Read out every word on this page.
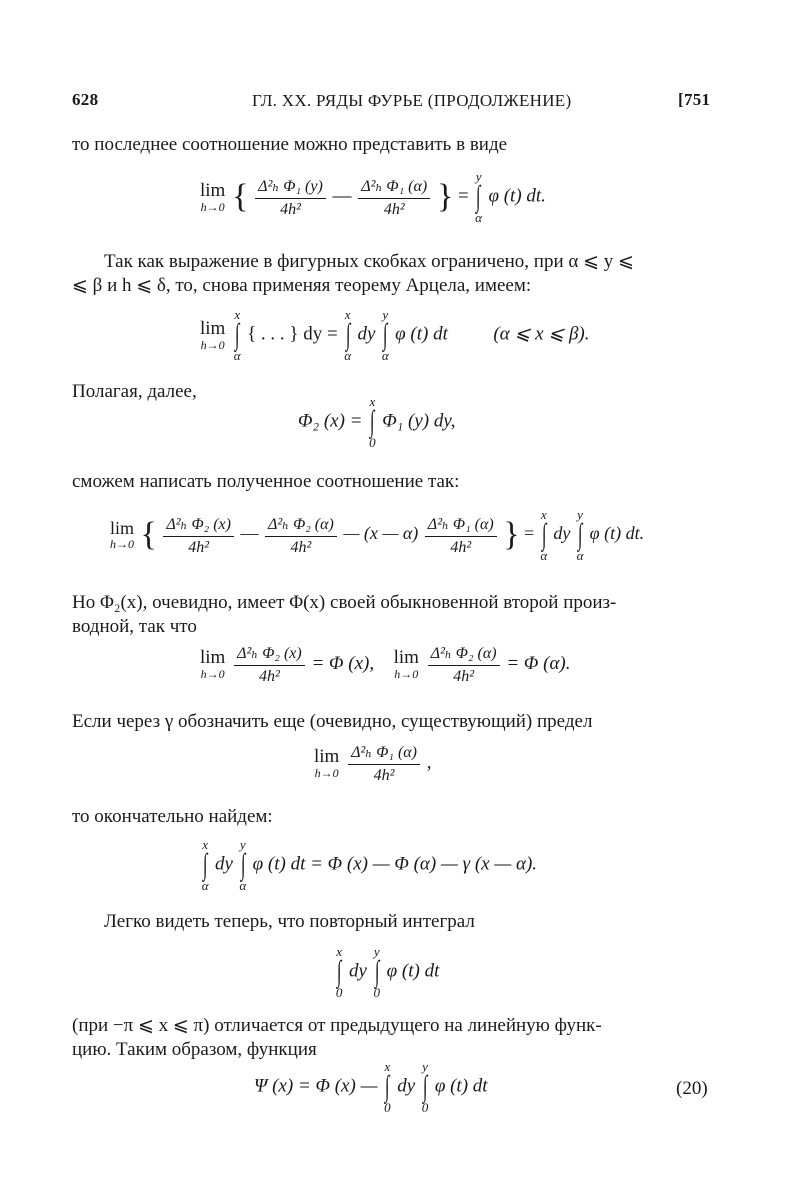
628	ГЛ. XX. РЯДЫ ФУРЬЕ (ПРОДОЛЖЕНИЕ)	[751
то последнее соотношение можно представить в виде
lim
h→0 { $\frac{\text{Δ²ₕ Φ₁ (y)}}{\text{4h²}}$ — $\frac{\text{Δ²ₕ Φ₁ (α)}}{\text{4h²}}$ } =
y
∫
α
φ (t) dt.
Так как выражение в фигурных скобках ограничено, при α ⩽ y ⩽
⩽ β и h ⩽ δ, то, снова применяя теорему Арцела, имеем:
lim
h→0

x
∫
α
{ . . . } dy =
x
∫
α
dy
y
∫
α
φ (t) dt (α ⩽ x ⩽ β).
Полагая, далее,
Φ₂ (x) =
x
∫
0
Φ₁ (y) dy,
сможем написать полученное соотношение так:
lim
h→0 { $\frac{\text{Δ²ₕ Φ₂ (x)}}{\text{4h²}}$ — $\frac{\text{Δ²ₕ Φ₂ (α)}}{\text{4h²}}$ — (x — $\alpha) \frac{\text{Δ²ₕ Φ₁ (α)}}{\text{4h²}}$ } =
x
∫
α
dy
y
∫
α
φ (t) dt.
Но Φ₂(x), очевидно, имеет Φ(x) своей обыкновенной второй произ-
водной, так что
lim
h→0
$\frac{\text{Δ²ₕ Φ₂ (x)}}{\text{4h²}} = \Phi$ (x), lim
h→0
$\frac{\text{Δ²ₕ Φ₂ (α)}}{\text{4h²}} = \Phi$ (α).
Если через γ обозначить еще (очевидно, существующий) предел
lim
h→0
$\frac{\text{Δ²ₕ Φ₁ (α)}}{\text{4h²}}$ ,
то окончательно найдем:
x
∫
α
dy
y
∫
α
φ (t) dt = Φ (x) — Φ (α) — γ (x — α).
Легко видеть теперь, что повторный интеграл
x
∫
0
dy
y
∫
0
φ (t) dt
(при −π ⩽ x ⩽ π) отличается от предыдущего на линейную функ-
цию. Таким образом, функция
Ψ (x) = Φ (x) —
x
∫
0
dy
y
∫
0
φ (t) dt	(20)
